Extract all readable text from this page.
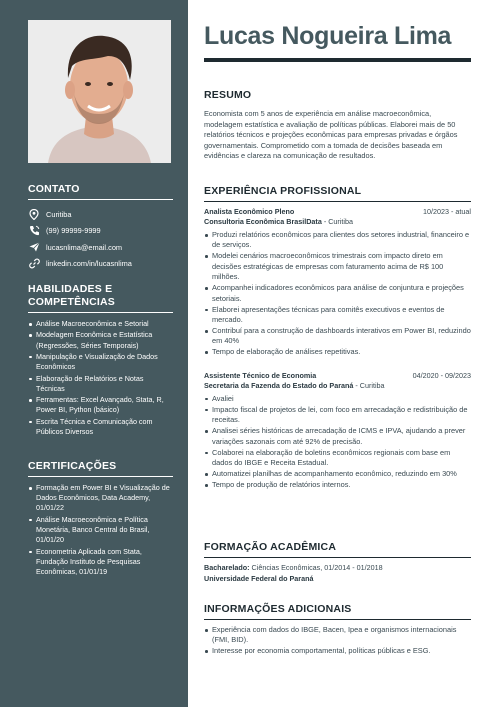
CONTATO
Curitiba
(99) 99999-9999
lucasnlima@email.com
linkedin.com/in/lucasnlima
HABILIDADES E COMPETÊNCIAS
Análise Macroeconômica e Setorial
Modelagem Econômica e Estatística (Regressões, Séries Temporais)
Manipulação e Visualização de Dados Econômicos
Elaboração de Relatórios e Notas Técnicas
Ferramentas: Excel Avançado, Stata, R, Power BI, Python (básico)
Escrita Técnica e Comunicação com Públicos Diversos
CERTIFICAÇÕES
Formação em Power BI e Visualização de Dados Econômicos, Data Academy, 01/01/22
Análise Macroeconômica e Política Monetária, Banco Central do Brasil, 01/01/20
Econometria Aplicada com Stata, Fundação Instituto de Pesquisas Econômicas, 01/01/19
Lucas Nogueira Lima
RESUMO
Economista com 5 anos de experiência em análise macroeconômica, modelagem estatística e avaliação de políticas públicas. Elaborei mais de 50 relatórios técnicos e projeções econômicas para empresas privadas e órgãos governamentais. Comprometido com a tomada de decisões baseada em evidências e clareza na comunicação de resultados.
EXPERIÊNCIA PROFISSIONAL
Analista Econômico Pleno	10/2023 - atual
Consultoria Econômica BrasilData - Curitiba
Produzi relatórios econômicos para clientes dos setores industrial, financeiro e de serviços.
Modelei cenários macroeconômicos trimestrais com impacto direto em decisões estratégicas de empresas com faturamento acima de R$ 100 milhões.
Acompanhei indicadores econômicos para análise de conjuntura e projeções setoriais.
Elaborei apresentações técnicas para comitês executivos e eventos de mercado.
Contribuí para a construção de dashboards interativos em Power BI, reduzindo em 40%
Tempo de elaboração de análises repetitivas.
Assistente Técnico de Economia	04/2020 - 09/2023
Secretaria da Fazenda do Estado do Paraná - Curitiba
Avaliei
Impacto fiscal de projetos de lei, com foco em arrecadação e redistribuição de receitas.
Analisei séries históricas de arrecadação de ICMS e IPVA, ajudando a prever variações sazonais com até 92% de precisão.
Colaborei na elaboração de boletins econômicos regionais com base em dados do IBGE e Receita Estadual.
Automatizei planilhas de acompanhamento econômico, reduzindo em 30%
Tempo de produção de relatórios internos.
FORMAÇÃO ACADÊMICA
Bacharelado: Ciências Econômicas, 01/2014 - 01/2018
Universidade Federal do Paraná
INFORMAÇÕES ADICIONAIS
Experiência com dados do IBGE, Bacen, Ipea e organismos internacionais (FMI, BID).
Interesse por economia comportamental, políticas públicas e ESG.
